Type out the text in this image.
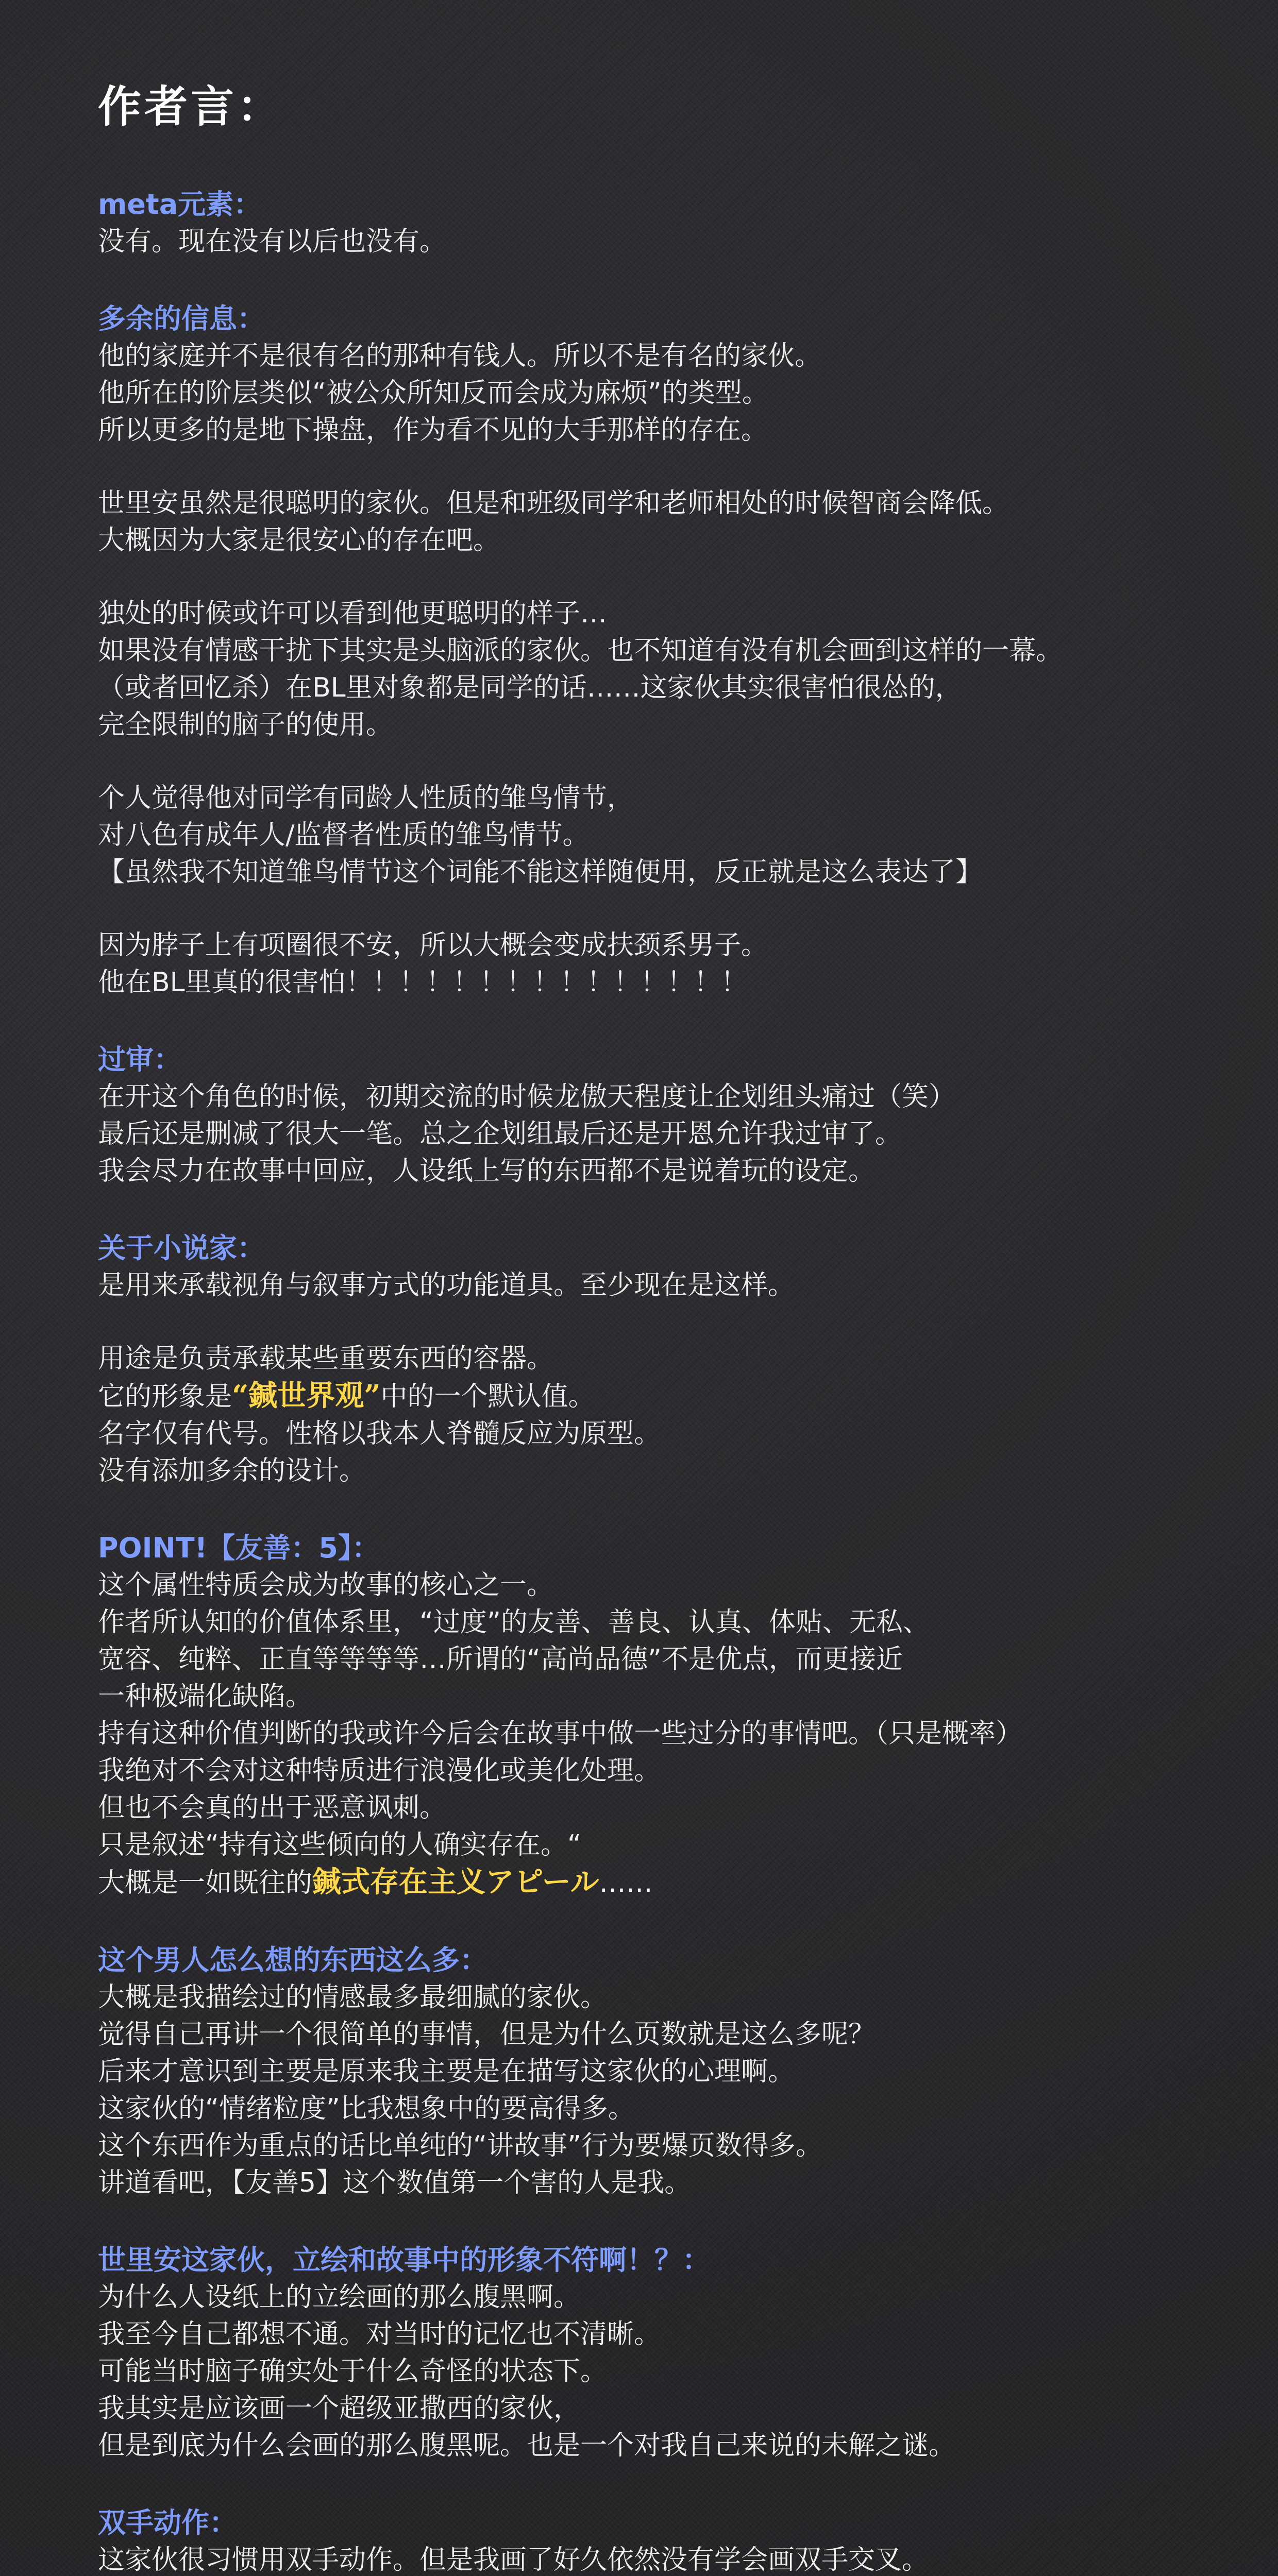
作者言：
meta元素：
没有。现在没有以后也没有。
多余的信息：
他的家庭并不是很有名的那种有钱人。所以不是有名的家伙。
他所在的阶层类似“被公众所知反而会成为麻烦”的类型。
所以更多的是地下操盘，作为看不见的大手那样的存在。
世里安虽然是很聪明的家伙。但是和班级同学和老师相处的时候智商会降低。
大概因为大家是很安心的存在吧。
独处的时候或许可以看到他更聪明的样子…
如果没有情感干扰下其实是头脑派的家伙。也不知道有没有机会画到这样的一幕。
（或者回忆杀）在BL里对象都是同学的话……这家伙其实很害怕很怂的，
完全限制的脑子的使用。
个人觉得他对同学有同龄人性质的雏鸟情节，
对八色有成年人/监督者性质的雏鸟情节。
【虽然我不知道雏鸟情节这个词能不能这样随便用，反正就是这么表达了】
因为脖子上有项圈很不安，所以大概会变成扶颈系男子。
他在BL里真的很害怕！！！！！！！！！！！！！！！
过审：
在开这个角色的时候，初期交流的时候龙傲天程度让企划组头痛过（笑）
最后还是删减了很大一笔。总之企划组最后还是开恩允许我过审了。
我会尽力在故事中回应，人设纸上写的东西都不是说着玩的设定。
关于小说家：
是用来承载视角与叙事方式的功能道具。至少现在是这样。
用途是负责承载某些重要东西的容器。
它的形象是“鍼世界观”中的一个默认值。
名字仅有代号。性格以我本人脊髓反应为原型。
没有添加多余的设计。
POINT!【友善：5】：
这个属性特质会成为故事的核心之一。
作者所认知的价值体系里，“过度”的友善、善良、认真、体贴、无私、
宽容、纯粹、正直等等等等…所谓的“高尚品德”不是优点，而更接近
一种极端化缺陷。
持有这种价值判断的我或许今后会在故事中做一些过分的事情吧。（只是概率）
我绝对不会对这种特质进行浪漫化或美化处理。
但也不会真的出于恶意讽刺。
只是叙述“持有这些倾向的人确实存在。“
大概是一如既往的鍼式存在主义アピール……
这个男人怎么想的东西这么多：
大概是我描绘过的情感最多最细腻的家伙。
觉得自己再讲一个很简单的事情，但是为什么页数就是这么多呢？
后来才意识到主要是原来我主要是在描写这家伙的心理啊。
这家伙的“情绪粒度”比我想象中的要高得多。
这个东西作为重点的话比单纯的“讲故事”行为要爆页数得多。
讲道看吧，【友善5】这个数值第一个害的人是我。
世里安这家伙，立绘和故事中的形象不符啊！？：
为什么人设纸上的立绘画的那么腹黑啊。
我至今自己都想不通。对当时的记忆也不清晰。
可能当时脑子确实处于什么奇怪的状态下。
我其实是应该画一个超级亚撒西的家伙，
但是到底为什么会画的那么腹黑呢。也是一个对我自己来说的未解之谜。
双手动作：
这家伙很习惯用双手动作。但是我画了好久依然没有学会画双手交叉。
